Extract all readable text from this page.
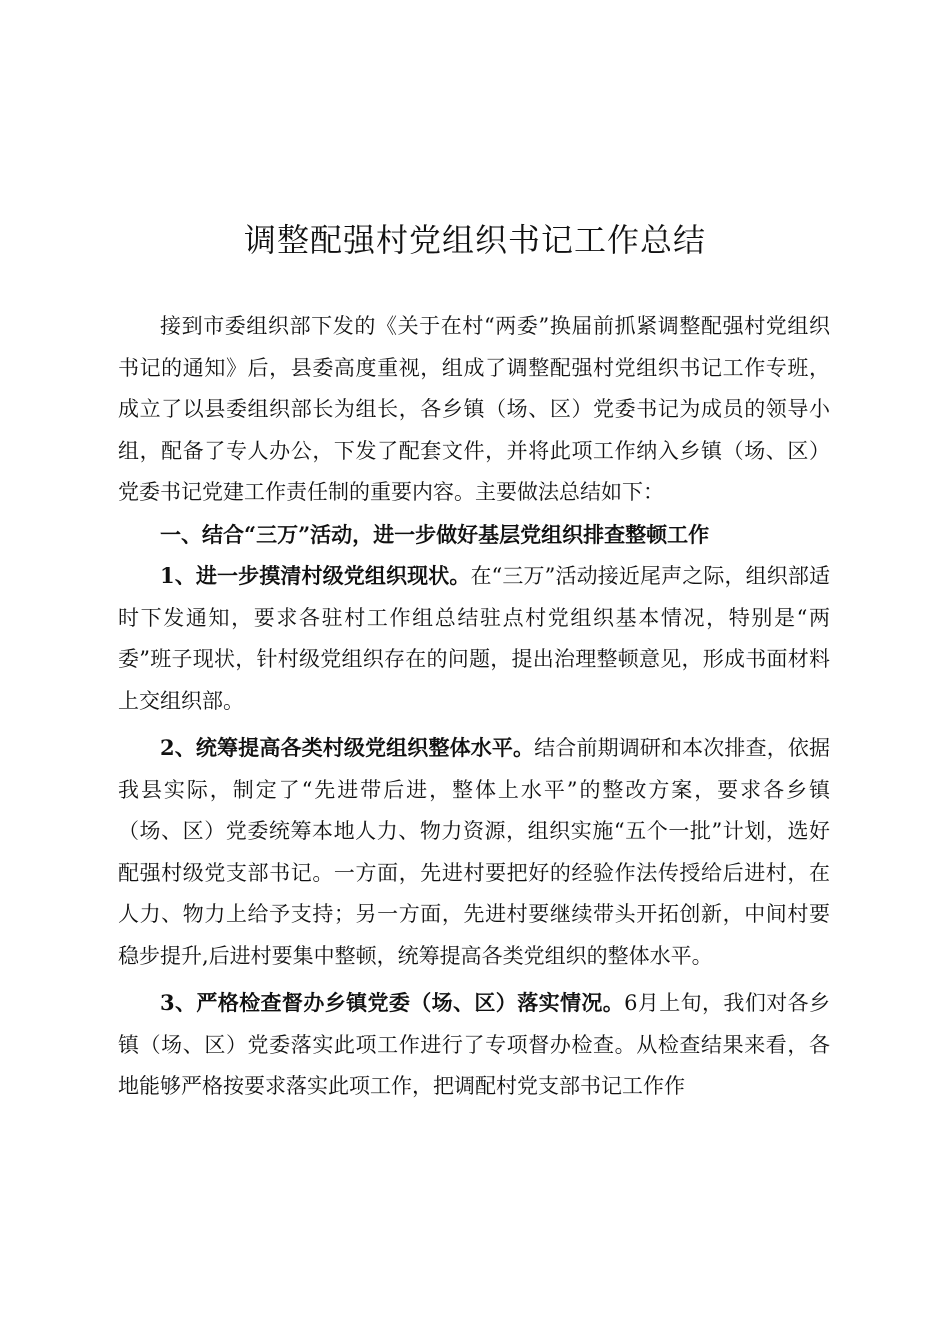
调整配强村党组织书记工作总结

接到市委组织部下发的《关于在村“两委”换届前抓紧调整配强村党组织书记的通知》后，县委高度重视，组成了调整配强村党组织书记工作专班，成立了以县委组织部长为组长，各乡镇（场、区）党委书记为成员的领导小组，配备了专人办公，下发了配套文件，并将此项工作纳入乡镇（场、区）党委书记党建工作责任制的重要内容。主要做法总结如下：

一、结合“三万”活动，进一步做好基层党组织排查整顿工作

1、进一步摸清村级党组织现状。在“三万”活动接近尾声之际，组织部适时下发通知，要求各驻村工作组总结驻点村党组织基本情况，特别是“两委”班子现状，针村级党组织存在的问题，提出治理整顿意见，形成书面材料上交组织部。

2、统筹提高各类村级党组织整体水平。结合前期调研和本次排查，依据我县实际，制定了“先进带后进，整体上水平”的整改方案，要求各乡镇（场、区）党委统筹本地人力、物力资源，组织实施“五个一批”计划，选好配强村级党支部书记。一方面，先进村要把好的经验作法传授给后进村，在人力、物力上给予支持；另一方面，先进村要继续带头开拓创新，中间村要稳步提升,后进村要集中整顿，统筹提高各类党组织的整体水平。

3、严格检查督办乡镇党委（场、区）落实情况。6月上旬，我们对各乡镇（场、区）党委落实此项工作进行了专项督办检查。从检查结果来看，各地能够严格按要求落实此项工作，把调配村党支部书记工作作
